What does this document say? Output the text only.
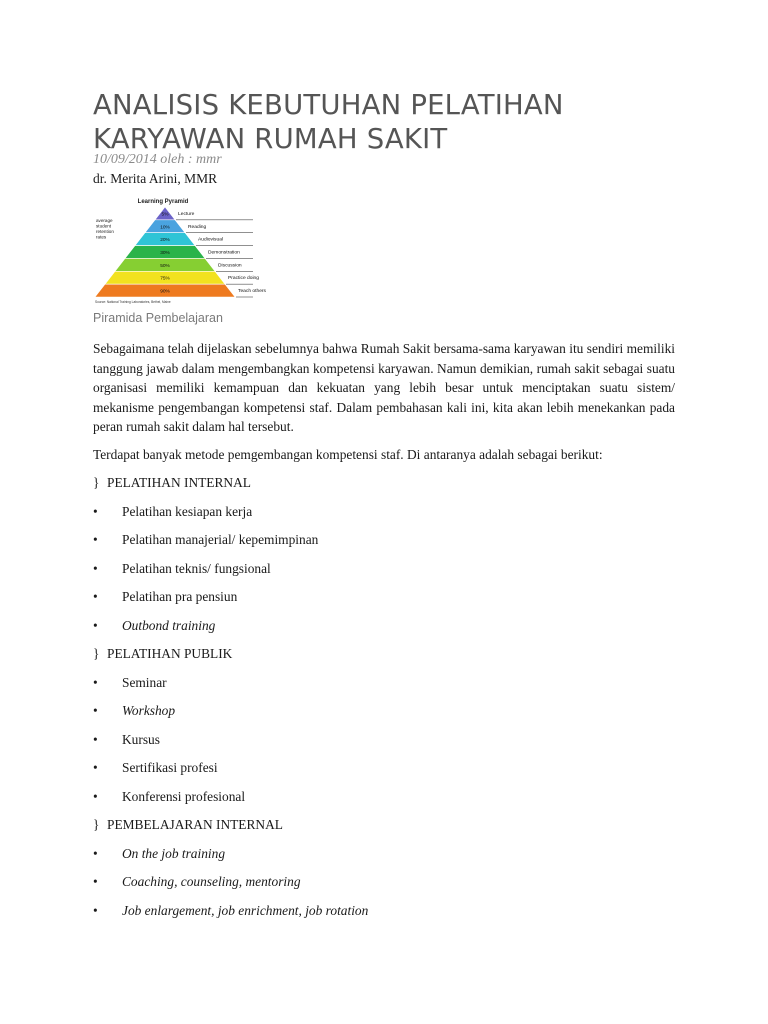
ANALISIS KEBUTUHAN PELATIHAN
KARYAWAN RUMAH SAKIT
10/09/2014 oleh : mmr
dr. Merita Arini, MMR
Learning Pyramid
average
student
retention
rates
5% Lecture
10%	Reading
20%	Audiovisual
30%	Demonstration
50%	Discussion
75%	Practice doing
90%	Teach others
Source: National Training Laboratories, Bethel, Maine
Piramida Pembelajaran

Sebagaimana telah dijelaskan sebelumnya bahwa Rumah Sakit bersama-sama karyawan itu sendiri memiliki tanggung jawab dalam mengembangkan kompetensi karyawan. Namun demikian, rumah sakit sebagai suatu organisasi memiliki kemampuan dan kekuatan yang lebih besar untuk menciptakan suatu sistem/ mekanisme pengembangan kompetensi staf. Dalam pembahasan kali ini, kita akan lebih menekankan pada peran rumah sakit dalam hal tersebut.

Terdapat banyak metode pemgembangan kompetensi staf. Di antaranya adalah sebagai berikut:

} PELATIHAN INTERNAL
• Pelatihan kesiapan kerja
• Pelatihan manajerial/ kepemimpinan
• Pelatihan teknis/ fungsional
• Pelatihan pra pensiun
• Outbond training
} PELATIHAN PUBLIK
• Seminar
• Workshop
• Kursus
• Sertifikasi profesi
• Konferensi profesional
} PEMBELAJARAN INTERNAL
• On the job training
• Coaching, counseling, mentoring
• Job enlargement, job enrichment, job rotation
